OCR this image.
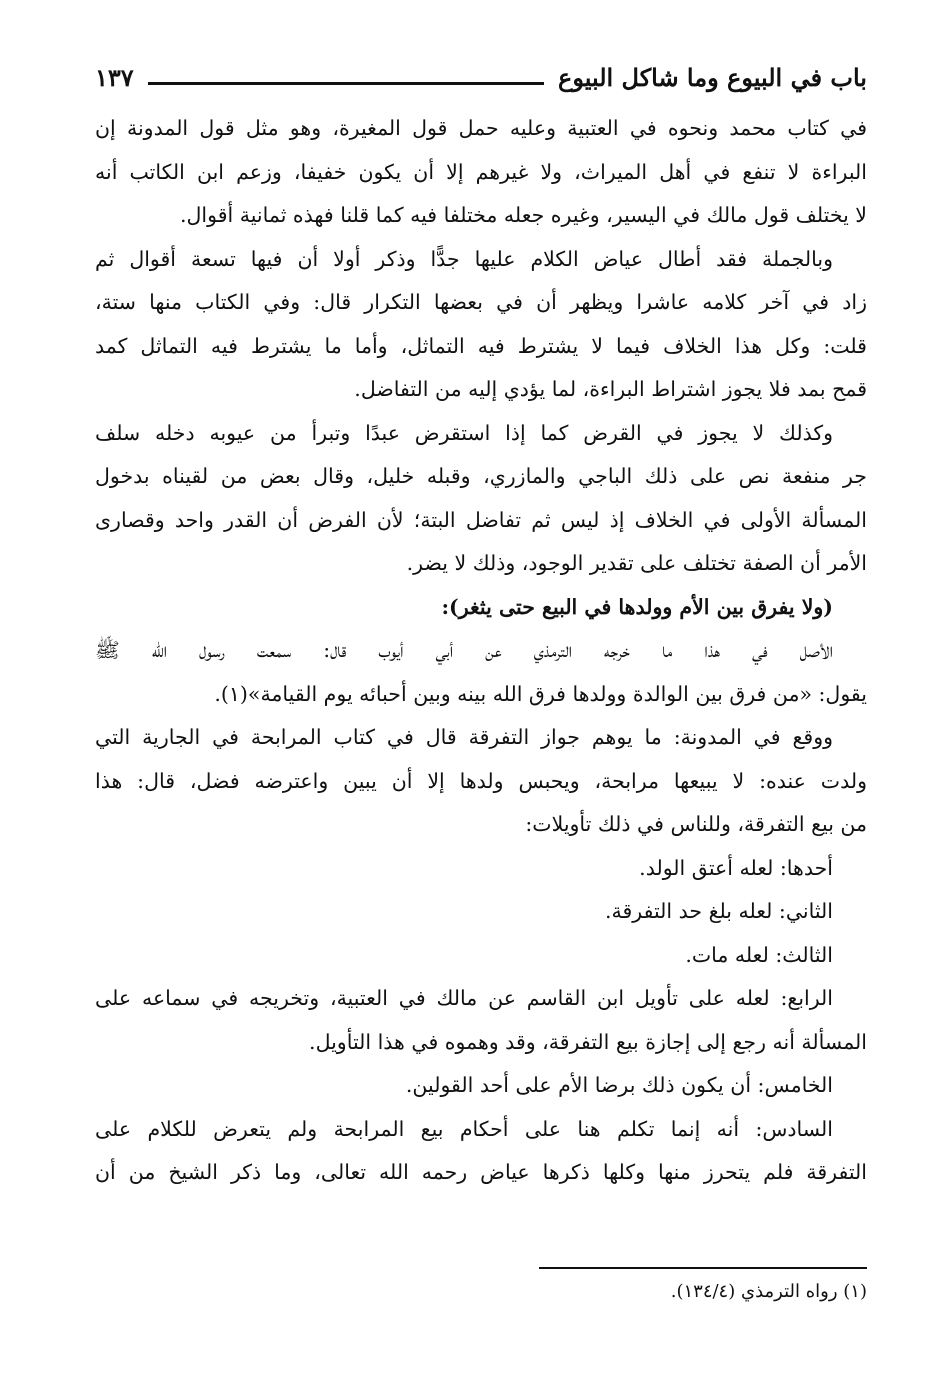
باب في البيوع وما شاكل البيوع
١٣٧
في كتاب محمد ونحوه في العتبية وعليه حمل قول المغيرة، وهو مثل قول المدونة إن
البراءة لا تنفع في أهل الميراث، ولا غيرهم إلا أن يكون خفيفا، وزعم ابن الكاتب أنه
لا يختلف قول مالك في اليسير، وغيره جعله مختلفا فيه كما قلنا فهذه ثمانية أقوال.
وبالجملة فقد أطال عياض الكلام عليها جدًّا وذكر أولا أن فيها تسعة أقوال ثم
زاد في آخر كلامه عاشرا ويظهر أن في بعضها التكرار قال: وفي الكتاب منها ستة،
قلت: وكل هذا الخلاف فيما لا يشترط فيه التماثل، وأما ما يشترط فيه التماثل كمد
قمح بمد فلا يجوز اشتراط البراءة، لما يؤدي إليه من التفاضل.
وكذلك لا يجوز في القرض كما إذا استقرض عبدًا وتبرأ من عيوبه دخله سلف
جر منفعة نص على ذلك الباجي والمازري، وقبله خليل، وقال بعض من لقيناه بدخول
المسألة الأولى في الخلاف إذ ليس ثم تفاضل البتة؛ لأن الفرض أن القدر واحد وقصارى
الأمر أن الصفة تختلف على تقدير الوجود، وذلك لا يضر.
(ولا يفرق بين الأم وولدها في البيع حتى يثغر):
الأصل في هذا ما خرجه الترمذي عن أبي أيوب قال: سمعت رسول الله ﷺ
يقول: «من فرق بين الوالدة وولدها فرق الله بينه وبين أحبائه يوم القيامة»(١).
ووقع في المدونة: ما يوهم جواز التفرقة قال في كتاب المرابحة في الجارية التي
ولدت عنده: لا يبيعها مرابحة، ويحبس ولدها إلا أن يبين واعترضه فضل، قال: هذا
من بيع التفرقة، وللناس في ذلك تأويلات:
أحدها: لعله أعتق الولد.
الثاني: لعله بلغ حد التفرقة.
الثالث: لعله مات.
الرابع: لعله على تأويل ابن القاسم عن مالك في العتبية، وتخريجه في سماعه على
المسألة أنه رجع إلى إجازة بيع التفرقة، وقد وهموه في هذا التأويل.
الخامس: أن يكون ذلك برضا الأم على أحد القولين.
السادس: أنه إنما تكلم هنا على أحكام بيع المرابحة ولم يتعرض للكلام على
التفرقة فلم يتحرز منها وكلها ذكرها عياض رحمه الله تعالى، وما ذكر الشيخ من أن
(١) رواه الترمذي (١٣٤/٤).
